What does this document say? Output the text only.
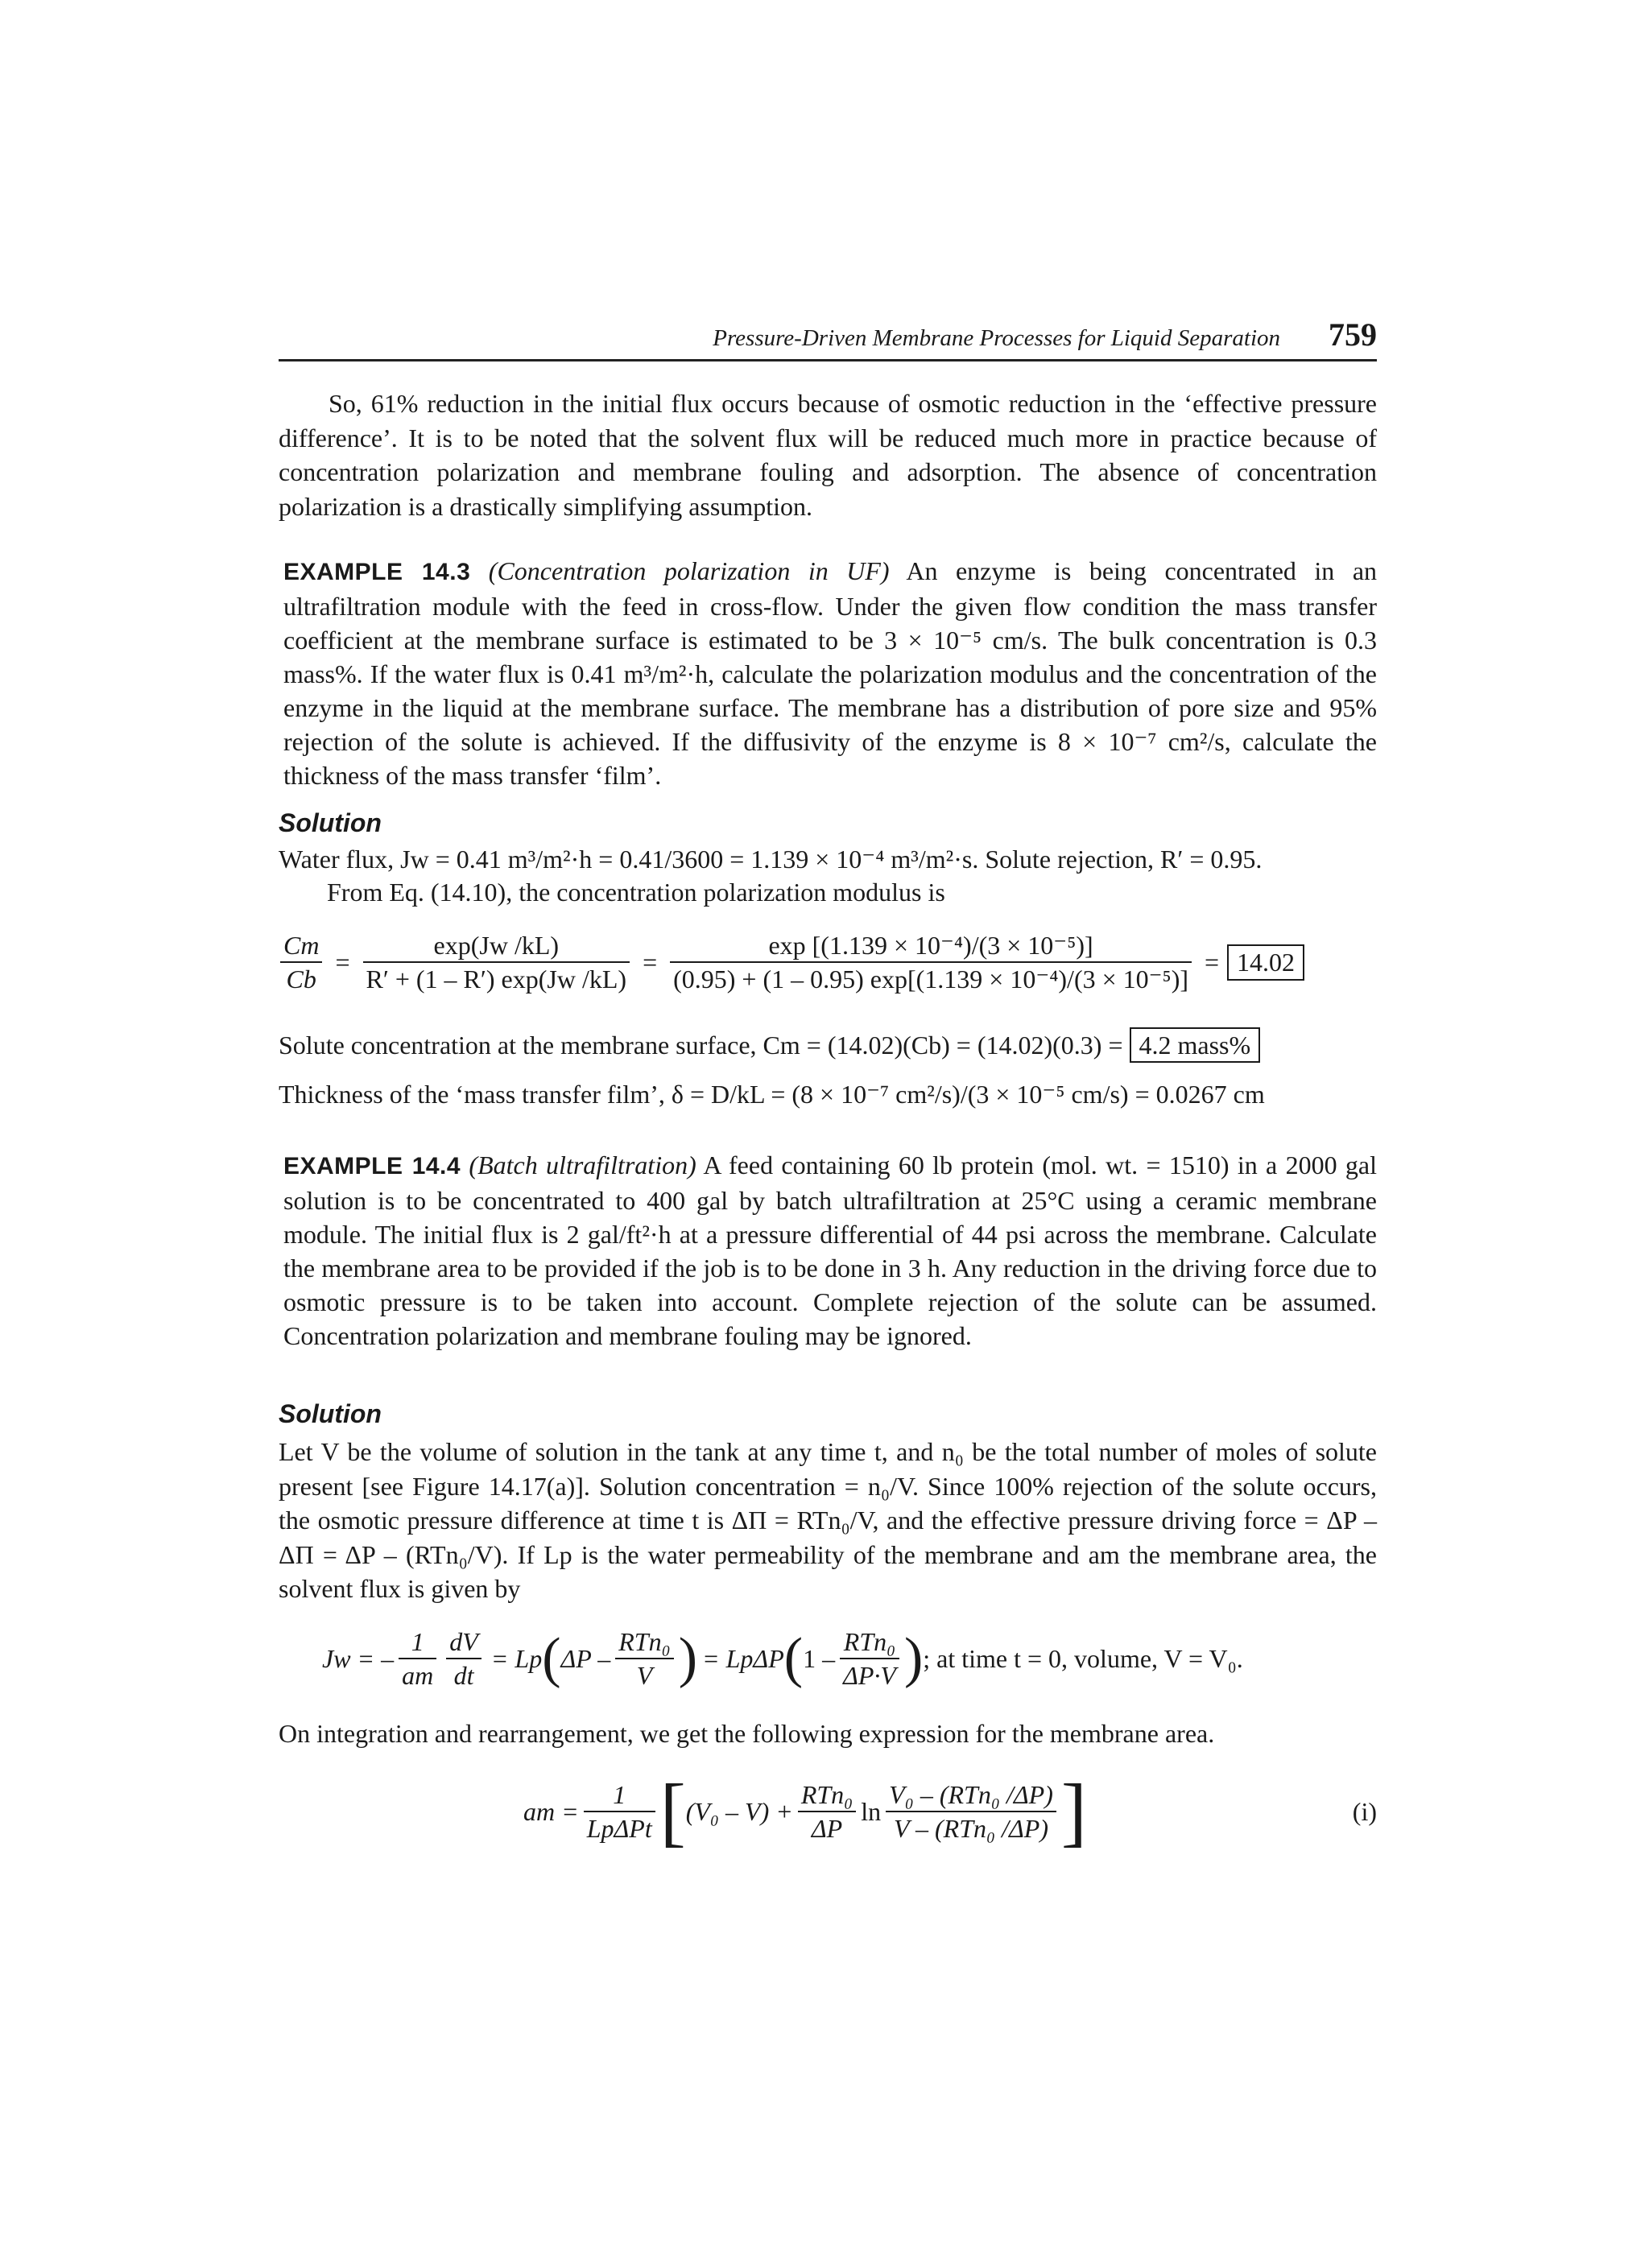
Pressure-Driven Membrane Processes for Liquid Separation 759
So, 61% reduction in the initial flux occurs because of osmotic reduction in the ‘effective pressure difference’. It is to be noted that the solvent flux will be reduced much more in practice because of concentration polarization and membrane fouling and adsorption. The absence of concentration polarization is a drastically simplifying assumption.
EXAMPLE 14.3 (Concentration polarization in UF) An enzyme is being concentrated in an ultrafiltration module with the feed in cross-flow. Under the given flow condition the mass transfer coefficient at the membrane surface is estimated to be 3 × 10⁻⁵ cm/s. The bulk concentration is 0.3 mass%. If the water flux is 0.41 m³/m²·h, calculate the polarization modulus and the concentration of the enzyme in the liquid at the membrane surface. The membrane has a distribution of pore size and 95% rejection of the solute is achieved. If the diffusivity of the enzyme is 8 × 10⁻⁷ cm²/s, calculate the thickness of the mass transfer ‘film’.
Solution
Water flux, Jw = 0.41 m³/m²·h = 0.41/3600 = 1.139 × 10⁻⁴ m³/m²·s. Solute rejection, R′ = 0.95.
From Eq. (14.10), the concentration polarization modulus is
$\frac{Cm}{Cb} = \frac{\exp(Jw /kL)}{R' + (1 - R') \exp(Jw /kL)} = \frac{\text{exp [(1.139 × 10⁻⁴)/(3 × 10⁻⁵)]}}{\text{(0.95) + (1 – 0.95) exp[(1.139 × 10⁻⁴)/(3 × 10⁻⁵)]}} = 14.02$
Solute concentration at the membrane surface, Cm = (14.02)(Cb) = (14.02)(0.3) = 4.2 mass%
Thickness of the ‘mass transfer film’, δ = D/kL = (8 × 10⁻⁷ cm²/s)/(3 × 10⁻⁵ cm/s) = 0.0267 cm
EXAMPLE 14.4 (Batch ultrafiltration) A feed containing 60 lb protein (mol. wt. = 1510) in a 2000 gal solution is to be concentrated to 400 gal by batch ultrafiltration at 25°C using a ceramic membrane module. The initial flux is 2 gal/ft²·h at a pressure differential of 44 psi across the membrane. Calculate the membrane area to be provided if the job is to be done in 3 h. Any reduction in the driving force due to osmotic pressure is to be taken into account. Complete rejection of the solute can be assumed. Concentration polarization and membrane fouling may be ignored.
Solution
Let V be the volume of solution in the tank at any time t, and n₀ be the total number of moles of solute present [see Figure 14.17(a)]. Solution concentration = n₀/V. Since 100% rejection of the solute occurs, the osmotic pressure difference at time t is ΔΠ = RTn₀/V, and the effective pressure driving force = ΔP – ΔΠ = ΔP – (RTn₀/V). If Lp is the water permeability of the membrane and am the membrane area, the solvent flux is given by
Jw = – $\frac{1}{am} \frac{dV}{dt} = Lp$ ( ΔP – $\frac{\text{RTn₀}}{V}$ ) = LpΔP ( $1 - \frac{\text{RTn₀}}{\Delta P\cdot V}$ ) ; at time t = 0, volume, V = V₀.
On integration and rearrangement, we get the following expression for the membrane area.
am = $\frac{1}{\text{LpΔPt}}$ [ $(V_0 - V) + \frac{\text{RTn₀}}{\Delta P}$ $\ln \frac{\text{V₀ – (RTn₀ /ΔP)}}{\text{V – (RTn₀ /ΔP)}}$ ]	(i)
